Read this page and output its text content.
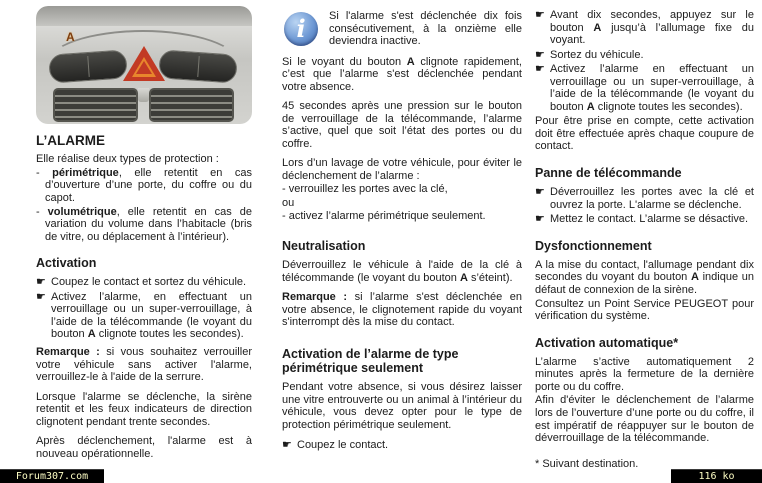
A
L’ALARME
Elle réalise deux types de protection :
- périmétrique, elle retentit en cas d’ouverture d’une porte, du coffre ou du capot.
- volumétrique, elle retentit en cas de variation du volume dans l’habitacle (bris de vitre, ou déplacement à l’intérieur).
Activation
☛ Coupez le contact et sortez du véhicule.
☛ Activez l’alarme, en effectuant un verrouillage ou un super-verrouillage, à l’aide de la télécommande (le voyant du bouton A clignote toutes les secondes).
Remarque : si vous souhaitez verrouiller votre véhicule sans activer l'alarme, verrouillez-le à l'aide de la serrure.
Lorsque l'alarme se déclenche, la sirène retentit et les feux indicateurs de direction clignotent pendant trente secondes.
Après déclenchement, l'alarme est à nouveau opérationnelle.
i	Si l'alarme s'est déclenchée dix fois consécutivement, à la onzième elle deviendra inactive.
Si le voyant du bouton A clignote rapidement, c’est que l’alarme s'est déclenchée pendant votre absence.
45 secondes après une pression sur le bouton de verrouillage de la télécommande, l’alarme s’active, quel que soit l’état des portes ou du coffre.
Lors d’un lavage de votre véhicule, pour éviter le déclenchement de l’alarme :
- verrouillez les portes avec la clé,
ou
- activez l’alarme périmétrique seulement.
Neutralisation
Déverrouillez le véhicule à l'aide de la clé à télécommande (le voyant du bouton A s’éteint).
Remarque : si l’alarme s'est déclenchée en votre absence, le clignotement rapide du voyant s'interrompt dès la mise du contact.
Activation de l’alarme de type périmétrique seulement
Pendant votre absence, si vous désirez laisser une vitre entrouverte ou un animal à l’intérieur du véhicule, vous devez opter pour le type de protection périmétrique seulement.
☛ Coupez le contact.
☛ Avant dix secondes, appuyez sur le bouton A jusqu’à l’allumage fixe du voyant.
☛ Sortez du véhicule.
☛ Activez l’alarme en effectuant un verrouillage ou un super-verrouillage, à l’aide de la télécommande (le voyant du bouton A clignote toutes les secondes).
Pour être prise en compte, cette activation doit être effectuée après chaque coupure de contact.
Panne de télécommande
☛ Déverrouillez les portes avec la clé et ouvrez la porte. L'alarme se déclenche.
☛ Mettez le contact. L’alarme se désactive.
Dysfonctionnement
A la mise du contact, l'allumage pendant dix secondes du voyant du bouton A indique un défaut de connexion de la sirène.
Consultez un Point Service PEUGEOT pour vérification du système.
Activation automatique*
L’alarme s’active automatiquement 2 minutes après la fermeture de la dernière porte ou du coffre.
Afin d'éviter le déclenchement de l’alarme lors de l’ouverture d’une porte ou du coffre, il est impératif de réappuyer sur le bouton de déverrouillage de la télécommande.
* Suivant destination.
Forum307.com	116 ko
